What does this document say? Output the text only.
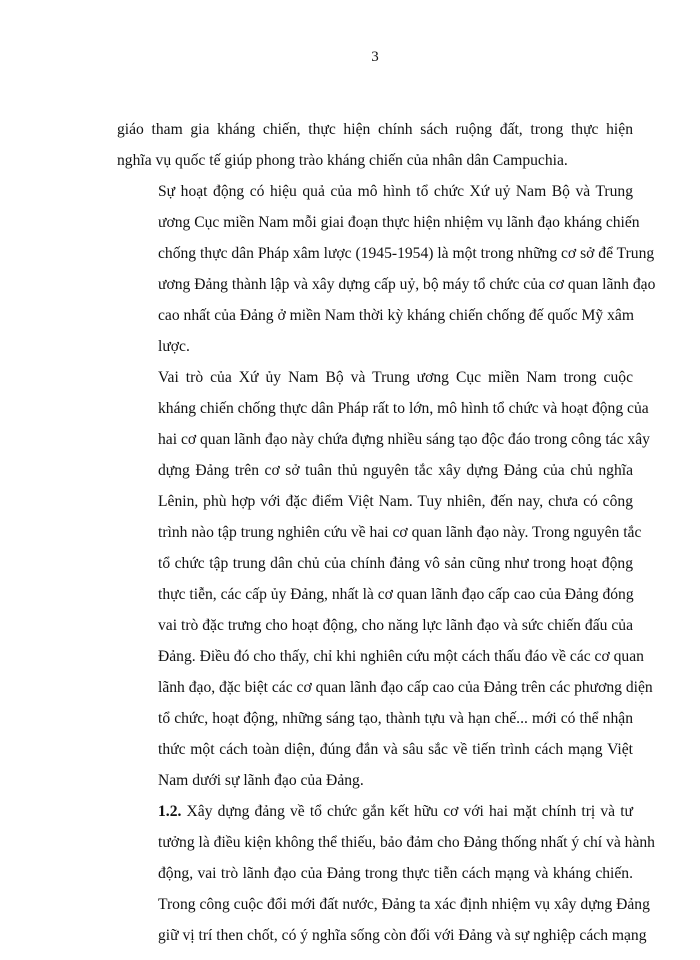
3

giáo tham gia kháng chiến, thực hiện chính sách ruộng đất, trong thực hiện
nghĩa vụ quốc tế giúp phong trào kháng chiến của nhân dân Campuchia.

Sự hoạt động có hiệu quả của mô hình tổ chức Xứ uỷ Nam Bộ và Trung
ương Cục miền Nam mỗi giai đoạn thực hiện nhiệm vụ lãnh đạo kháng chiến
chống thực dân Pháp xâm lược (1945-1954) là một trong những cơ sở để Trung
ương Đảng thành lập và xây dựng cấp uỷ, bộ máy tổ chức của cơ quan lãnh đạo
cao nhất của Đảng ở miền Nam thời kỳ kháng chiến chống đế quốc Mỹ xâm
lược.

Vai trò của Xứ ủy Nam Bộ và Trung ương Cục miền Nam trong cuộc
kháng chiến chống thực dân Pháp rất to lớn, mô hình tổ chức và hoạt động của
hai cơ quan lãnh đạo này chứa đựng nhiều sáng tạo độc đáo trong công tác xây
dựng Đảng trên cơ sở tuân thủ nguyên tắc xây dựng Đảng của chủ nghĩa
Lênin, phù hợp với đặc điểm Việt Nam. Tuy nhiên, đến nay, chưa có công
trình nào tập trung nghiên cứu về hai cơ quan lãnh đạo này. Trong nguyên tắc
tổ chức tập trung dân chủ của chính đảng vô sản cũng như trong hoạt động
thực tiễn, các cấp ủy Đảng, nhất là cơ quan lãnh đạo cấp cao của Đảng đóng
vai trò đặc trưng cho hoạt động, cho năng lực lãnh đạo và sức chiến đấu của
Đảng. Điều đó cho thấy, chỉ khi nghiên cứu một cách thấu đáo về các cơ quan
lãnh đạo, đặc biệt các cơ quan lãnh đạo cấp cao của Đảng trên các phương diện
tổ chức, hoạt động, những sáng tạo, thành tựu và hạn chế... mới có thể nhận
thức một cách toàn diện, đúng đắn và sâu sắc về tiến trình cách mạng Việt
Nam dưới sự lãnh đạo của Đảng.

1.2. Xây dựng đảng về tổ chức gắn kết hữu cơ với hai mặt chính trị và tư
tưởng là điều kiện không thể thiếu, bảo đảm cho Đảng thống nhất ý chí và hành
động, vai trò lãnh đạo của Đảng trong thực tiễn cách mạng và kháng chiến.
Trong công cuộc đổi mới đất nước, Đảng ta xác định nhiệm vụ xây dựng Đảng
giữ vị trí then chốt, có ý nghĩa sống còn đối với Đảng và sự nghiệp cách mạng
